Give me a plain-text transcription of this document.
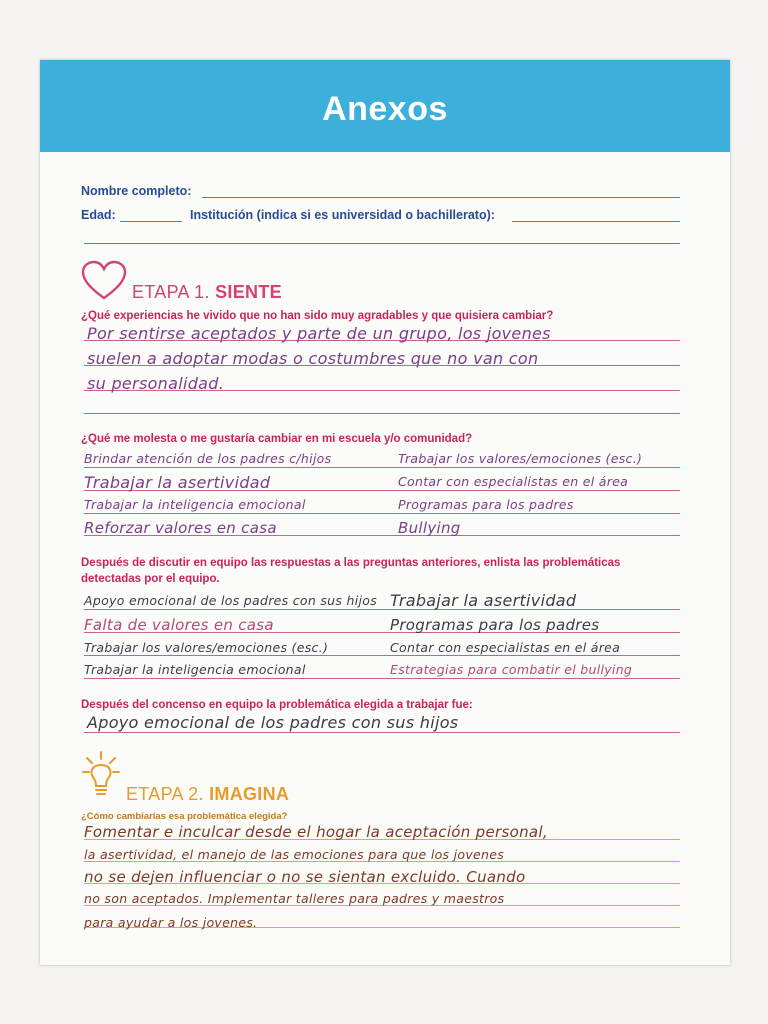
Anexos
Nombre completo:
Edad:	Institución (indica si es universidad o bachillerato):
ETAPA 1. SIENTE
¿Qué experiencias he vivido que no han sido muy agradables y que quisiera cambiar?
Por sentirse aceptados y parte de un grupo, los jovenes
suelen a adoptar modas o costumbres que no van con
su personalidad.
¿Qué me molesta o me gustaría cambiar en mi escuela y/o comunidad?
Brindar atención de los padres c/hijos
Trabajar la asertividad
Trabajar la inteligencia emocional
Reforzar valores en casa
Trabajar los valores/emociones (esc.)
Contar con especialistas en el área
Programas para los padres
Bullying
Después de discutir en equipo las respuestas a las preguntas anteriores, enlista las problemáticas detectadas por el equipo.
Apoyo emocional de los padres con sus hijos
Falta de valores en casa
Trabajar los valores/emociones (esc.)
Trabajar la inteligencia emocional
Trabajar la asertividad
Programas para los padres
Contar con especialistas en el área
Estrategias para combatir el bullying
Después del concenso en equipo la problemática elegida a trabajar fue:
Apoyo emocional de los padres con sus hijos
ETAPA 2. IMAGINA
¿Cómo cambiarías esa problemática elegida?
Fomentar e inculcar desde el hogar la aceptación personal,
la asertividad, el manejo de las emociones para que los jovenes
no se dejen influenciar o no se sientan excluido. Cuando
no son aceptados. Implementar talleres para padres y maestros
para ayudar a los jovenes.
